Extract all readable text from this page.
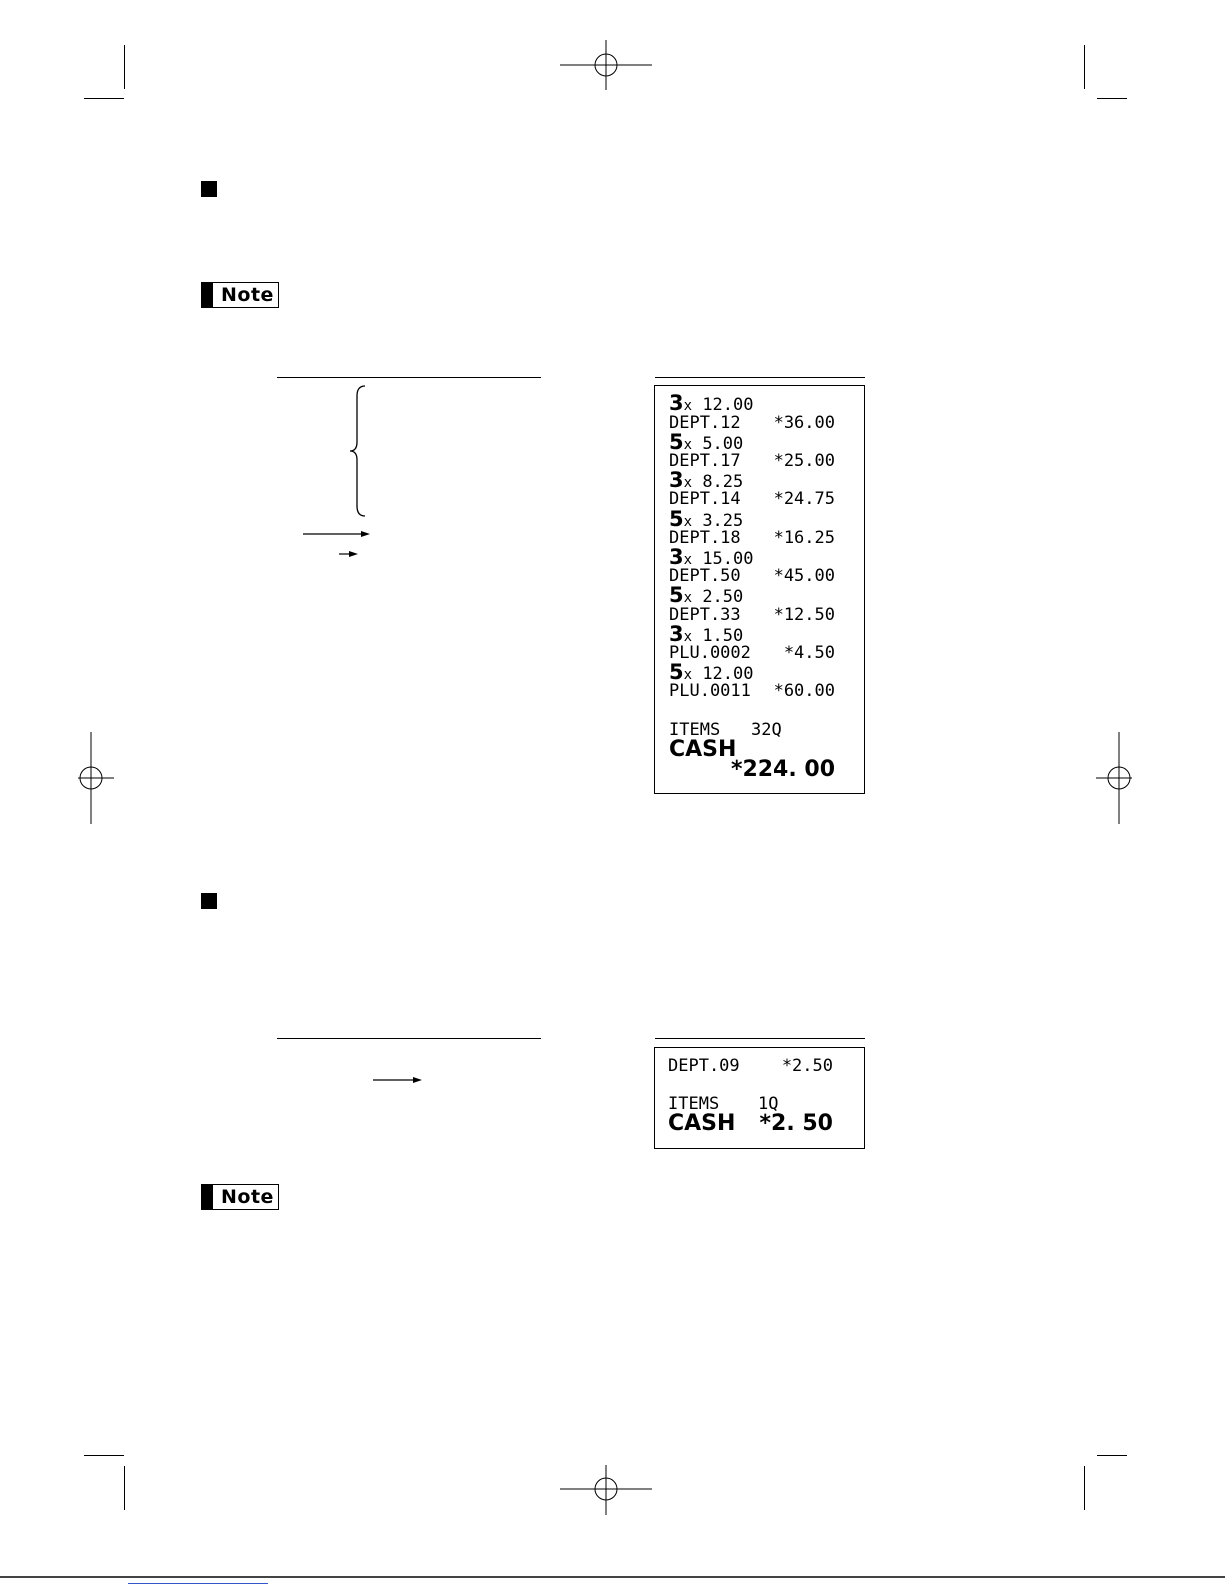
Note
3x 12.00
DEPT.12 *36.00
5x 5.00
DEPT.17 *25.00
3x 8.25
DEPT.14 *24.75
5x 3.25
DEPT.18 *16.25
3x 15.00
DEPT.50 *45.00
5x 2.50
DEPT.33 *12.50
3x 1.50
PLU.0002 *4.50
5x 12.00
PLU.0011 *60.00
ITEMS 32Q
CASH
*224. 00
DEPT.09 *2.50
ITEMS 1Q
CASH *2. 50
Note
